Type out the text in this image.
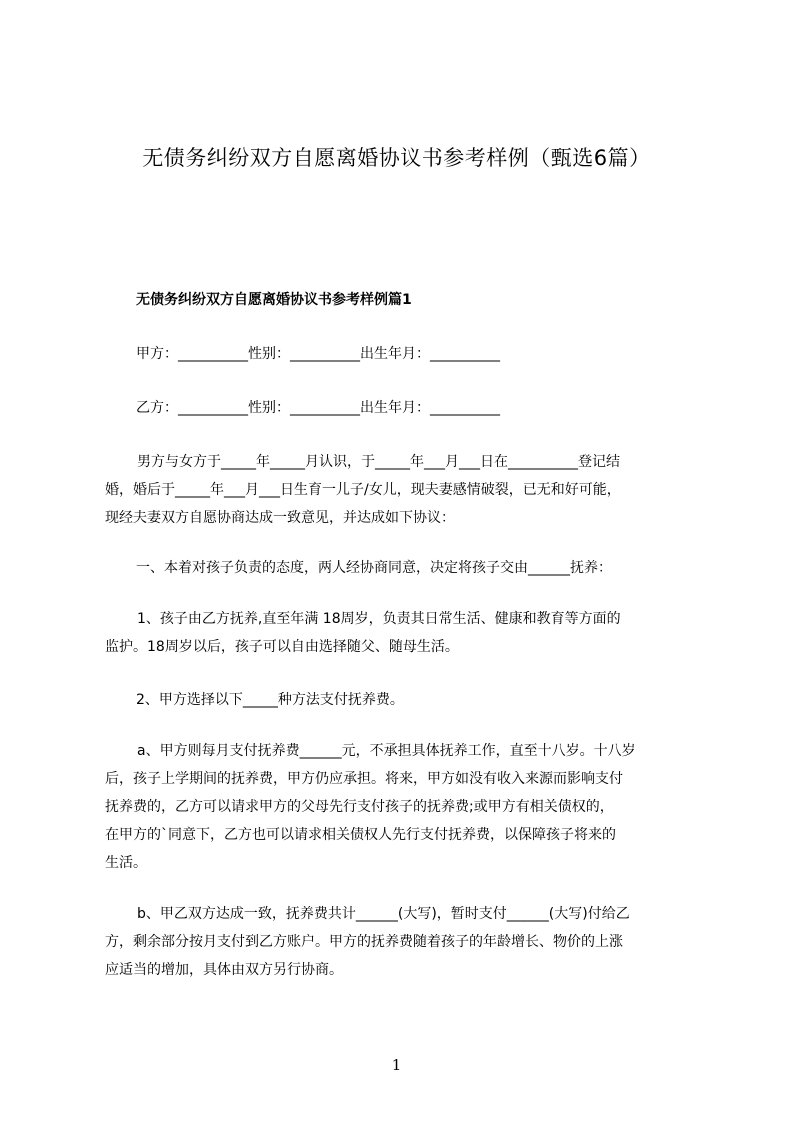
无债务纠纷双方自愿离婚协议书参考样例（甄选6篇）
无债务纠纷双方自愿离婚协议书参考样例篇1

甲方：__________性别：__________出生年月：__________

乙方：__________性别：__________出生年月：__________

男方与女方于_____年_____月认识，于_____年___月___日在__________登记结
婚，婚后于_____年___月___日生育一儿子/女儿，现夫妻感情破裂，已无和好可能，
现经夫妻双方自愿协商达成一致意见，并达成如下协议：

一、本着对孩子负责的态度，两人经协商同意，决定将孩子交由______抚养：

1、孩子由乙方抚养,直至年满 18周岁，负责其日常生活、健康和教育等方面的
监护。18周岁以后，孩子可以自由选择随父、随母生活。

2、甲方选择以下_____种方法支付抚养费。

a、甲方则每月支付抚养费______元，不承担具体抚养工作，直至十八岁。十八岁
后，孩子上学期间的抚养费，甲方仍应承担。将来，甲方如没有收入来源而影响支付
抚养费的，乙方可以请求甲方的父母先行支付孩子的抚养费;或甲方有相关债权的，
在甲方的`同意下，乙方也可以请求相关债权人先行支付抚养费，以保障孩子将来的
生活。
b、甲乙双方达成一致，抚养费共计______(大写)，暂时支付______(大写)付给乙
方，剩余部分按月支付到乙方账户。甲方的抚养费随着孩子的年龄增长、物价的上涨
应适当的增加，具体由双方另行协商。

1
